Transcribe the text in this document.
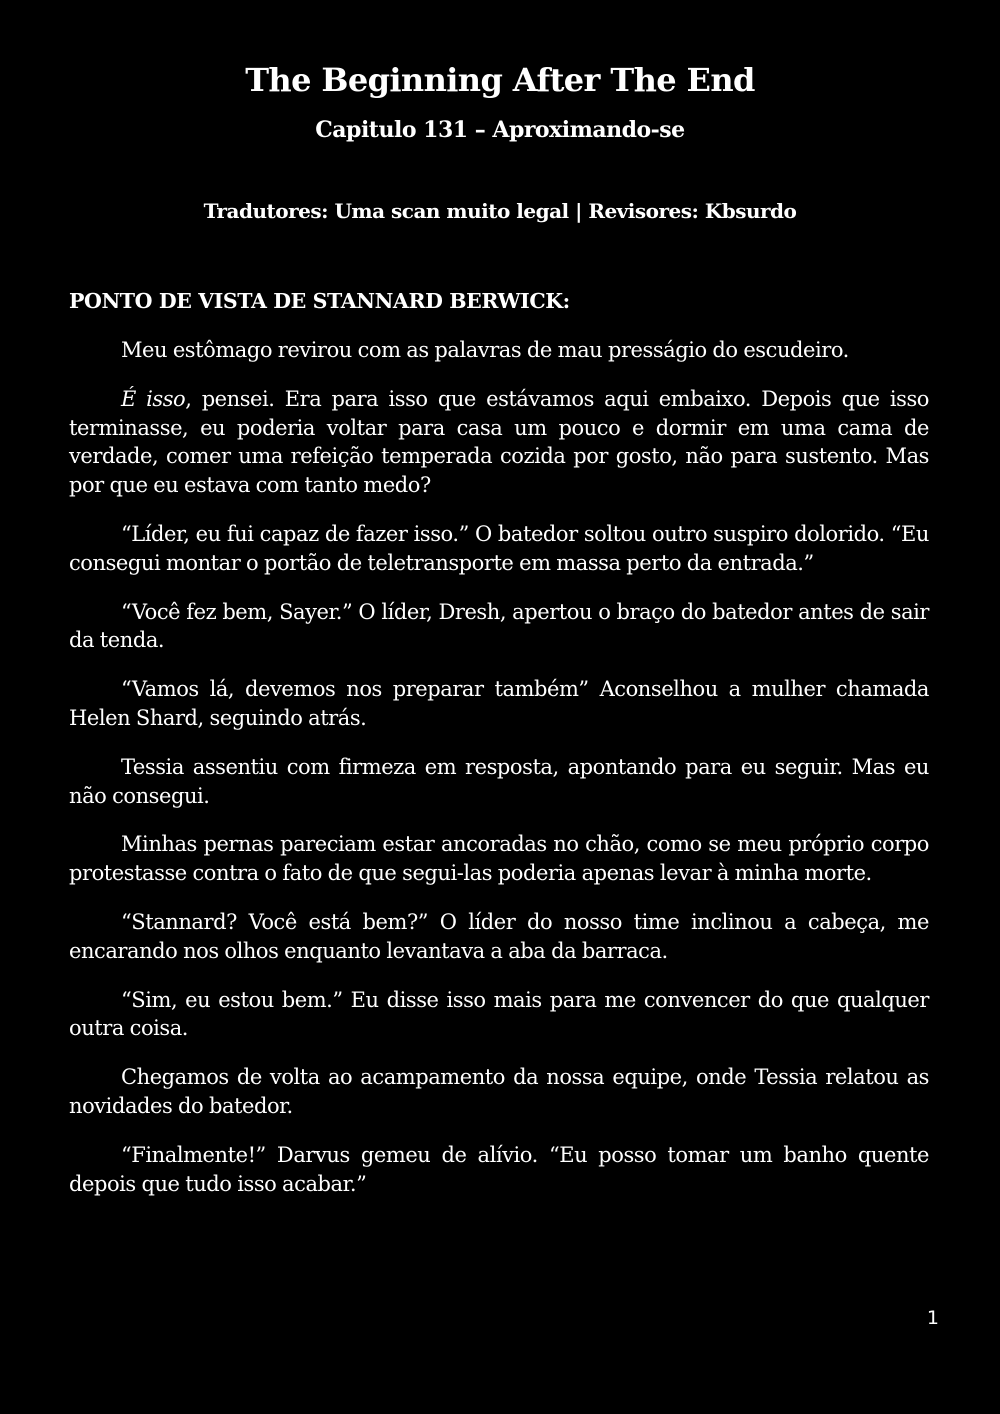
The Beginning After The End
Capitulo 131 – Aproximando-se
Tradutores: Uma scan muito legal | Revisores: Kbsurdo
PONTO DE VISTA DE STANNARD BERWICK:

Meu estômago revirou com as palavras de mau presságio do escudeiro.

É isso, pensei. Era para isso que estávamos aqui embaixo. Depois que isso terminasse, eu poderia voltar para casa um pouco e dormir em uma cama de verdade, comer uma refeição temperada cozida por gosto, não para sustento. Mas por que eu estava com tanto medo?

“Líder, eu fui capaz de fazer isso.” O batedor soltou outro suspiro dolorido. “Eu consegui montar o portão de teletransporte em massa perto da entrada.”

“Você fez bem, Sayer.” O líder, Dresh, apertou o braço do batedor antes de sair da tenda.

“Vamos lá, devemos nos preparar também” Aconselhou a mulher chamada Helen Shard, seguindo atrás.

Tessia assentiu com firmeza em resposta, apontando para eu seguir. Mas eu não consegui.

Minhas pernas pareciam estar ancoradas no chão, como se meu próprio corpo protestasse contra o fato de que segui-las poderia apenas levar à minha morte.

“Stannard? Você está bem?” O líder do nosso time inclinou a cabeça, me encarando nos olhos enquanto levantava a aba da barraca.

“Sim, eu estou bem.” Eu disse isso mais para me convencer do que qualquer outra coisa.

Chegamos de volta ao acampamento da nossa equipe, onde Tessia relatou as novidades do batedor.

“Finalmente!” Darvus gemeu de alívio. “Eu posso tomar um banho quente depois que tudo isso acabar.”

1
